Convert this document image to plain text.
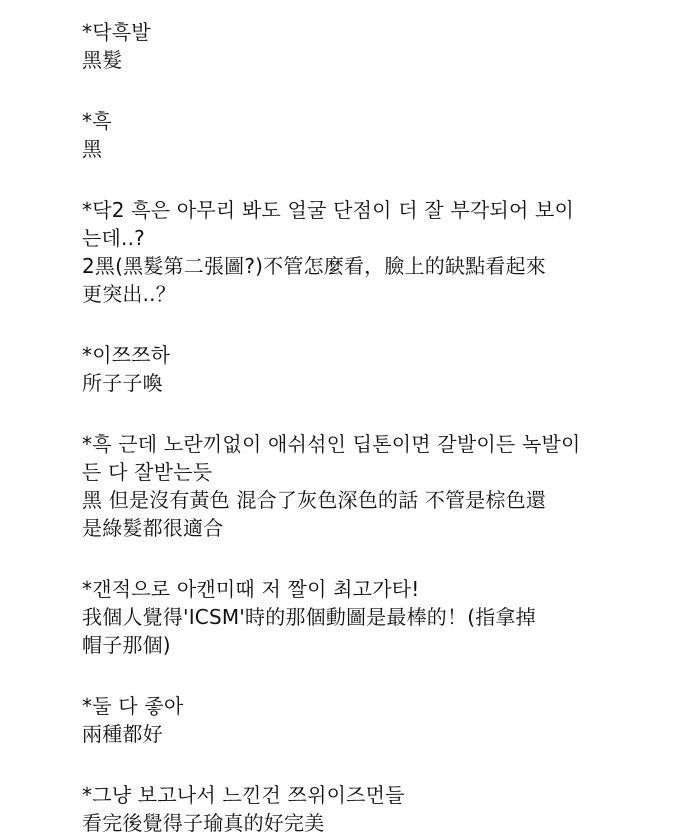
*닥흑발
黑髮
*흑
黑
*닥2 흑은 아무리 봐도 얼굴 단점이 더 잘 부각되어 보이
는데..?
2黑(黑髮第二張圖?)不管怎麼看，臉上的缺點看起來
更突出..？
*이쯔쯔하
所子子喚
*흑 근데 노란끼없이 애쉬섞인 딥톤이면 갈발이든 녹발이
든 다 잘받는듯
黑 但是沒有黃色 混合了灰色深色的話 不管是棕色還
是綠髮都很適合
*갠적으로 아캔미때 저 짤이 최고가타!
我個人覺得'ICSM'時的那個動圖是最棒的！(指拿掉
帽子那個)
*둘 다 좋아
兩種都好
*그냥 보고나서 느낀건 쯔위이즈먼들
看完後覺得子瑜真的好完美
